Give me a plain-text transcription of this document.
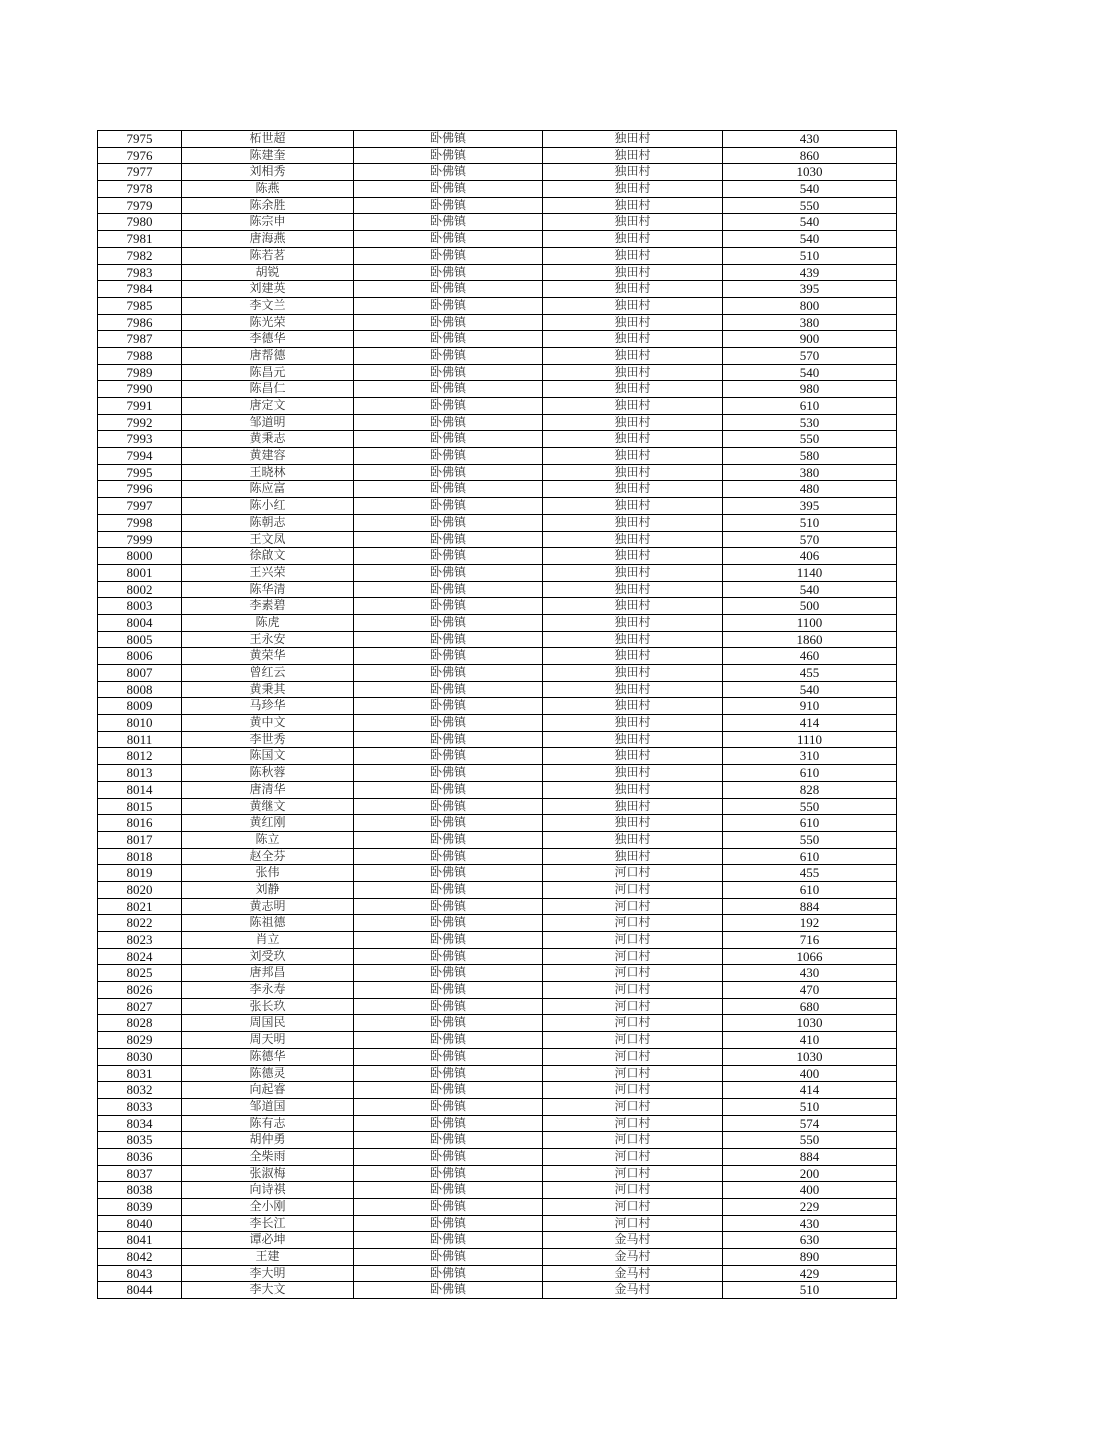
7975	柘世超	卧佛镇	独田村	430
7976	陈建奎	卧佛镇	独田村	860
7977	刘相秀	卧佛镇	独田村	1030
7978	陈燕	卧佛镇	独田村	540
7979	陈余胜	卧佛镇	独田村	550
7980	陈宗申	卧佛镇	独田村	540
7981	唐海燕	卧佛镇	独田村	540
7982	陈若茗	卧佛镇	独田村	510
7983	胡锐	卧佛镇	独田村	439
7984	刘建英	卧佛镇	独田村	395
7985	李文兰	卧佛镇	独田村	800
7986	陈光荣	卧佛镇	独田村	380
7987	李德华	卧佛镇	独田村	900
7988	唐帮德	卧佛镇	独田村	570
7989	陈昌元	卧佛镇	独田村	540
7990	陈昌仁	卧佛镇	独田村	980
7991	唐定文	卧佛镇	独田村	610
7992	邹道明	卧佛镇	独田村	530
7993	黄秉志	卧佛镇	独田村	550
7994	黄建容	卧佛镇	独田村	580
7995	王晓林	卧佛镇	独田村	380
7996	陈应富	卧佛镇	独田村	480
7997	陈小红	卧佛镇	独田村	395
7998	陈朝志	卧佛镇	独田村	510
7999	王文凤	卧佛镇	独田村	570
8000	徐啟文	卧佛镇	独田村	406
8001	王兴荣	卧佛镇	独田村	1140
8002	陈华清	卧佛镇	独田村	540
8003	李素碧	卧佛镇	独田村	500
8004	陈虎	卧佛镇	独田村	1100
8005	王永安	卧佛镇	独田村	1860
8006	黄荣华	卧佛镇	独田村	460
8007	曾红云	卧佛镇	独田村	455
8008	黄秉其	卧佛镇	独田村	540
8009	马珍华	卧佛镇	独田村	910
8010	黄中文	卧佛镇	独田村	414
8011	李世秀	卧佛镇	独田村	1110
8012	陈国文	卧佛镇	独田村	310
8013	陈秋蓉	卧佛镇	独田村	610
8014	唐清华	卧佛镇	独田村	828
8015	黄继文	卧佛镇	独田村	550
8016	黄红刚	卧佛镇	独田村	610
8017	陈立	卧佛镇	独田村	550
8018	赵全芬	卧佛镇	独田村	610
8019	张伟	卧佛镇	河口村	455
8020	刘静	卧佛镇	河口村	610
8021	黄志明	卧佛镇	河口村	884
8022	陈祖德	卧佛镇	河口村	192
8023	肖立	卧佛镇	河口村	716
8024	刘受玖	卧佛镇	河口村	1066
8025	唐邦昌	卧佛镇	河口村	430
8026	李永寿	卧佛镇	河口村	470
8027	张长玖	卧佛镇	河口村	680
8028	周国民	卧佛镇	河口村	1030
8029	周天明	卧佛镇	河口村	410
8030	陈德华	卧佛镇	河口村	1030
8031	陈德灵	卧佛镇	河口村	400
8032	向起睿	卧佛镇	河口村	414
8033	邹道国	卧佛镇	河口村	510
8034	陈有志	卧佛镇	河口村	574
8035	胡仲勇	卧佛镇	河口村	550
8036	全柴雨	卧佛镇	河口村	884
8037	张淑梅	卧佛镇	河口村	200
8038	向诗祺	卧佛镇	河口村	400
8039	全小刚	卧佛镇	河口村	229
8040	李长江	卧佛镇	河口村	430
8041	谭必坤	卧佛镇	金马村	630
8042	王建	卧佛镇	金马村	890
8043	李大明	卧佛镇	金马村	429
8044	李大文	卧佛镇	金马村	510
